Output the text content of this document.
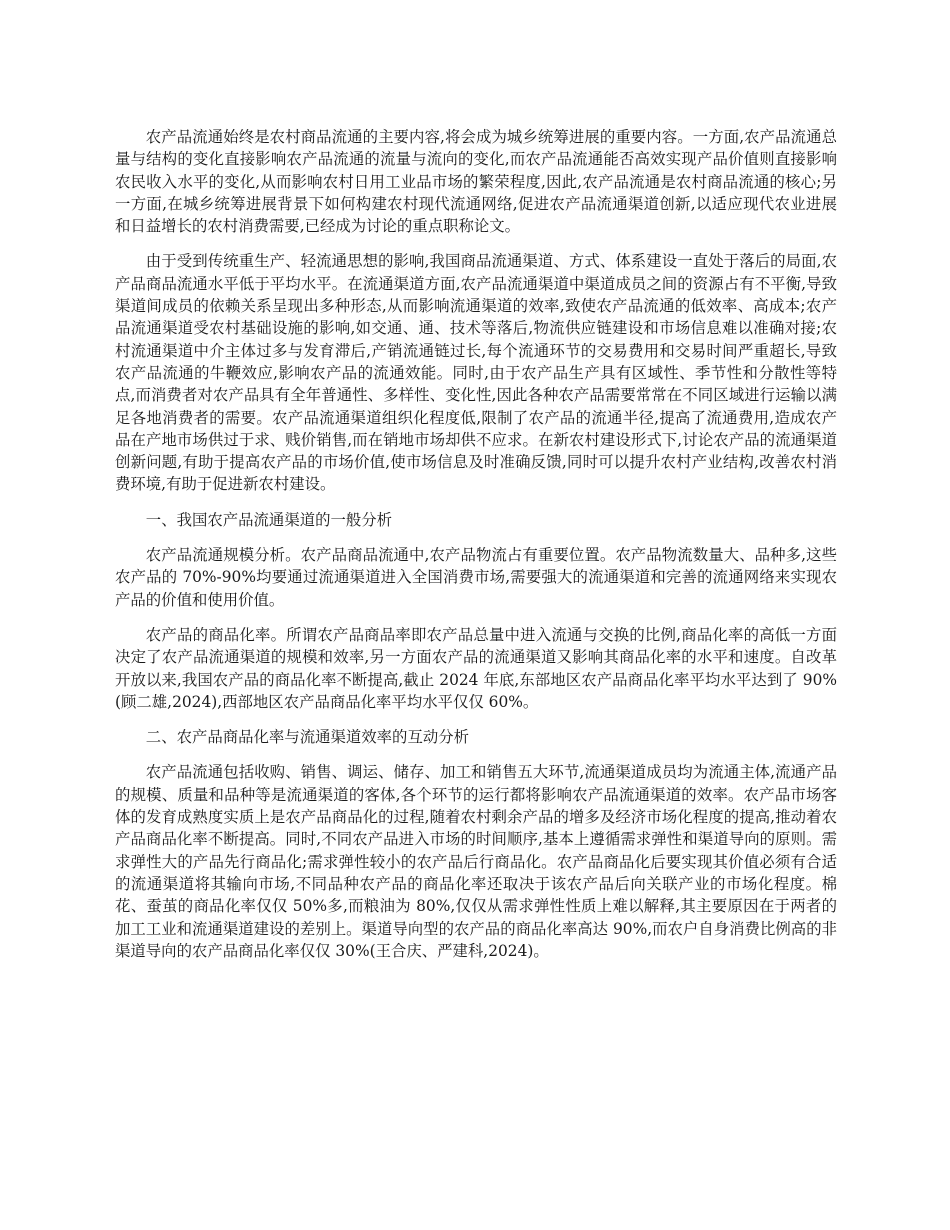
农产品流通始终是农村商品流通的主要内容,将会成为城乡统筹进展的重要内容。一方面,农产品流通总量与结构的变化直接影响农产品流通的流量与流向的变化,而农产品流通能否高效实现产品价值则直接影响农民收入水平的变化,从而影响农村日用工业品市场的繁荣程度,因此,农产品流通是农村商品流通的核心;另一方面,在城乡统筹进展背景下如何构建农村现代流通网络,促进农产品流通渠道创新,以适应现代农业进展和日益增长的农村消费需要,已经成为讨论的重点职称论文。

由于受到传统重生产、轻流通思想的影响,我国商品流通渠道、方式、体系建设一直处于落后的局面,农产品商品流通水平低于平均水平。在流通渠道方面,农产品流通渠道中渠道成员之间的资源占有不平衡,导致渠道间成员的依赖关系呈现出多种形态,从而影响流通渠道的效率,致使农产品流通的低效率、高成本;农产品流通渠道受农村基础设施的影响,如交通、通、技术等落后,物流供应链建设和市场信息难以准确对接;农村流通渠道中介主体过多与发育滞后,产销流通链过长,每个流通环节的交易费用和交易时间严重超长,导致农产品流通的牛鞭效应,影响农产品的流通效能。同时,由于农产品生产具有区域性、季节性和分散性等特点,而消费者对农产品具有全年普通性、多样性、变化性,因此各种农产品需要常常在不同区域进行运输以满足各地消费者的需要。农产品流通渠道组织化程度低,限制了农产品的流通半径,提高了流通费用,造成农产品在产地市场供过于求、贱价销售,而在销地市场却供不应求。在新农村建设形式下,讨论农产品的流通渠道创新问题,有助于提高农产品的市场价值,使市场信息及时准确反馈,同时可以提升农村产业结构,改善农村消费环境,有助于促进新农村建设。

一、我国农产品流通渠道的一般分析

农产品流通规模分析。农产品商品流通中,农产品物流占有重要位置。农产品物流数量大、品种多,这些农产品的 70%-90%均要通过流通渠道进入全国消费市场,需要强大的流通渠道和完善的流通网络来实现农产品的价值和使用价值。

农产品的商品化率。所谓农产品商品率即农产品总量中进入流通与交换的比例,商品化率的高低一方面决定了农产品流通渠道的规模和效率,另一方面农产品的流通渠道又影响其商品化率的水平和速度。自改革开放以来,我国农产品的商品化率不断提高,截止 2024 年底,东部地区农产品商品化率平均水平达到了 90%(顾二雄,2024),西部地区农产品商品化率平均水平仅仅 60%。

二、农产品商品化率与流通渠道效率的互动分析

农产品流通包括收购、销售、调运、储存、加工和销售五大环节,流通渠道成员均为流通主体,流通产品的规模、质量和品种等是流通渠道的客体,各个环节的运行都将影响农产品流通渠道的效率。农产品市场客体的发育成熟度实质上是农产品商品化的过程,随着农村剩余产品的增多及经济市场化程度的提高,推动着农产品商品化率不断提高。同时,不同农产品进入市场的时间顺序,基本上遵循需求弹性和渠道导向的原则。需求弹性大的产品先行商品化;需求弹性较小的农产品后行商品化。农产品商品化后要实现其价值必须有合适的流通渠道将其输向市场,不同品种农产品的商品化率还取决于该农产品后向关联产业的市场化程度。棉花、蚕茧的商品化率仅仅 50%多,而粮油为 80%,仅仅从需求弹性性质上难以解释,其主要原因在于两者的加工工业和流通渠道建设的差别上。渠道导向型的农产品的商品化率高达 90%,而农户自身消费比例高的非渠道导向的农产品商品化率仅仅 30%(王合庆、严建科,2024)。
